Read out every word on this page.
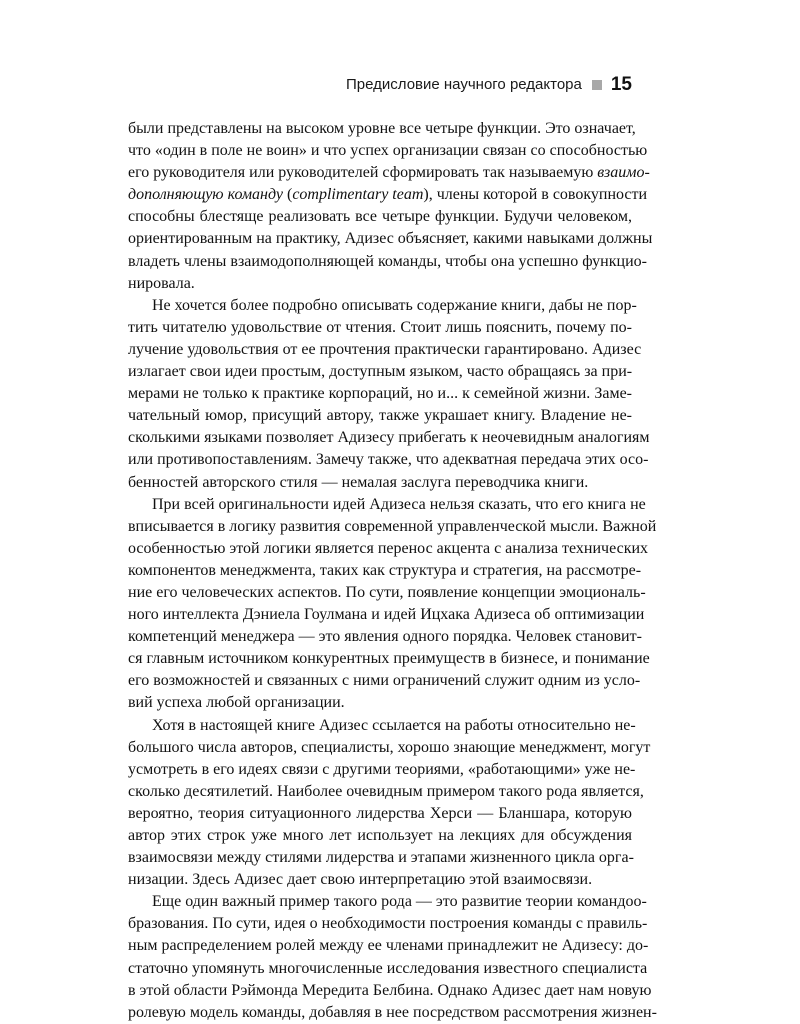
Предисловие научного редактора 15

были представлены на высоком уровне все четыре функции. Это означает,
что «один в поле не воин» и что успех организации связан со способностью
его руководителя или руководителей сформировать так называемую взаимо-
дополняющую команду (complimentary team), члены которой в совокупности
способны блестяще реализовать все четыре функции. Будучи человеком,
ориентированным на практику, Адизес объясняет, какими навыками должны
владеть члены взаимодополняющей команды, чтобы она успешно функцио-
нировала.

Не хочется более подробно описывать содержание книги, дабы не пор-
тить читателю удовольствие от чтения. Стоит лишь пояснить, почему по-
лучение удовольствия от ее прочтения практически гарантировано. Адизес
излагает свои идеи простым, доступным языком, часто обращаясь за при-
мерами не только к практике корпораций, но и... к семейной жизни. Заме-
чательный юмор, присущий автору, также украшает книгу. Владение не-
сколькими языками позволяет Адизесу прибегать к неочевидным аналогиям
или противопоставлениям. Замечу также, что адекватная передача этих осо-
бенностей авторского стиля — немалая заслуга переводчика книги.

При всей оригинальности идей Адизеса нельзя сказать, что его книга не
вписывается в логику развития современной управленческой мысли. Важной
особенностью этой логики является перенос акцента с анализа технических
компонентов менеджмента, таких как структура и стратегия, на рассмотре-
ние его человеческих аспектов. По сути, появление концепции эмоциональ-
ного интеллекта Дэниела Гоулмана и идей Ицхака Адизеса об оптимизации
компетенций менеджера — это явления одного порядка. Человек становит-
ся главным источником конкурентных преимуществ в бизнесе, и понимание
его возможностей и связанных с ними ограничений служит одним из усло-
вий успеха любой организации.

Хотя в настоящей книге Адизес ссылается на работы относительно не-
большого числа авторов, специалисты, хорошо знающие менеджмент, могут
усмотреть в его идеях связи с другими теориями, «работающими» уже не-
сколько десятилетий. Наиболее очевидным примером такого рода является,
вероятно, теория ситуационного лидерства Херси — Бланшара, которую
автор этих строк уже много лет использует на лекциях для обсуждения
взаимосвязи между стилями лидерства и этапами жизненного цикла орга-
низации. Здесь Адизес дает свою интерпретацию этой взаимосвязи.

Еще один важный пример такого рода — это развитие теории командоо-
бразования. По сути, идея о необходимости построения команды с правиль-
ным распределением ролей между ее членами принадлежит не Адизесу: до-
статочно упомянуть многочисленные исследования известного специалиста
в этой области Рэймонда Мередита Белбина. Однако Адизес дает нам новую
ролевую модель команды, добавляя в нее посредством рассмотрения жизнен-
